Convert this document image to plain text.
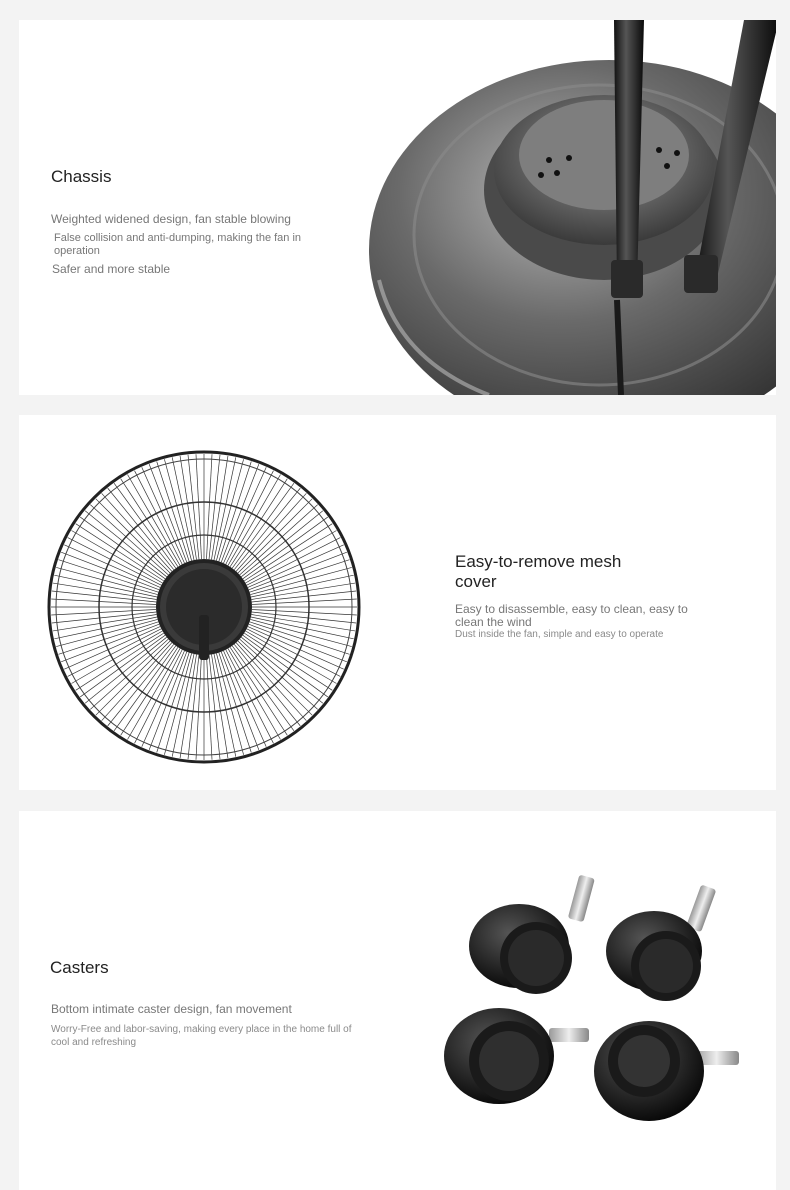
Chassis
Weighted widened design, fan stable blowing
False collision and anti-dumping, making the fan in operation
Safer and more stable
Easy-to-remove mesh cover
Easy to disassemble, easy to clean, easy to clean the wind
Dust inside the fan, simple and easy to operate
Casters
Bottom intimate caster design, fan movement
Worry-Free and labor-saving, making every place in the home full of cool and refreshing
